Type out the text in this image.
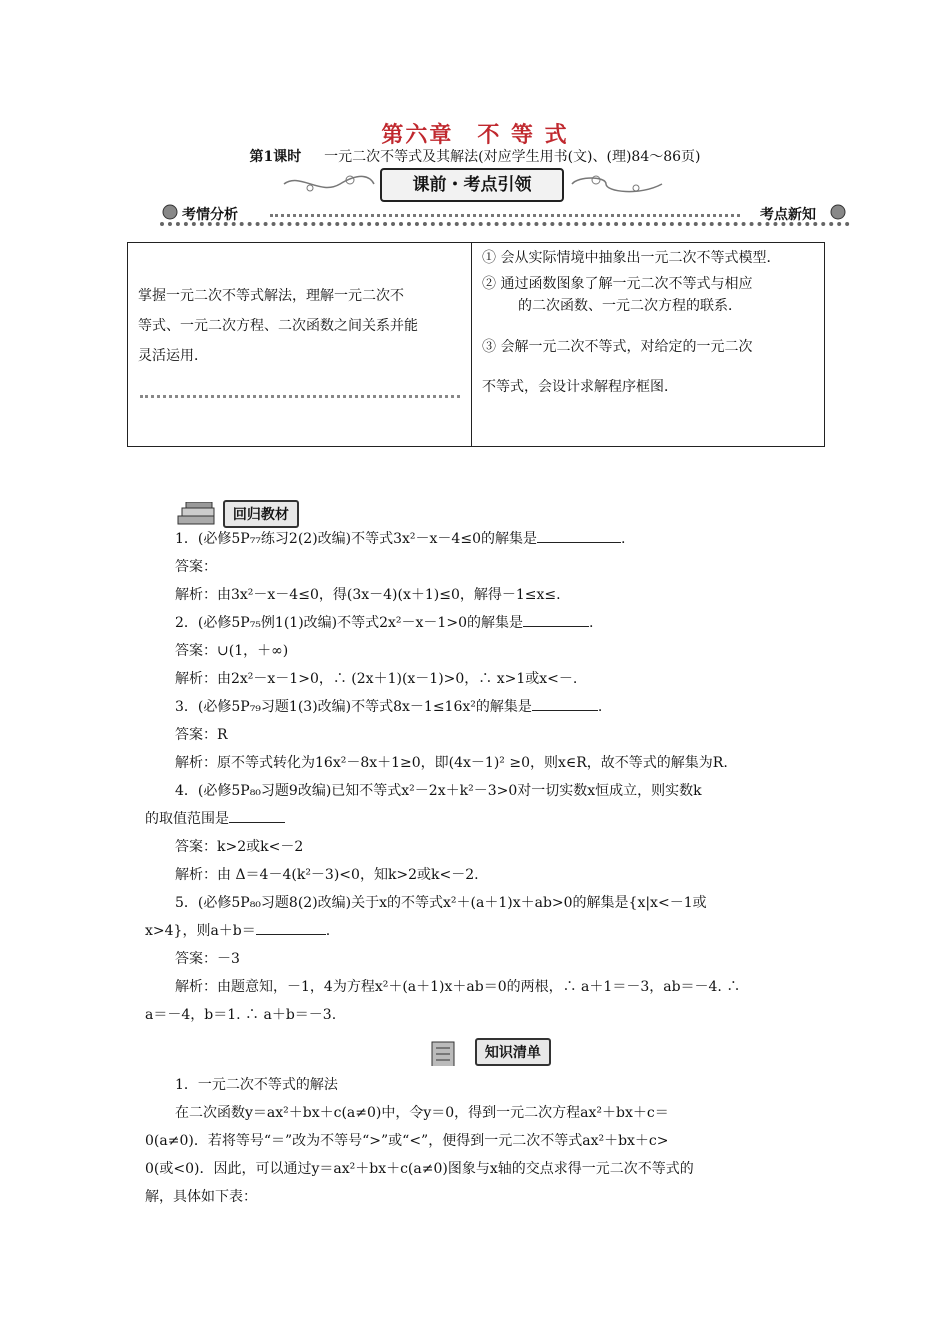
第六章　不 等 式
第1课时 　 一元二次不等式及其解法(对应学生用书(文)、(理)84～86页)
课前・考点引领
考情分析	考点新知
掌握一元二次不等式解法，理解一元二次不
等式、一元二次方程、二次函数之间关系并能
灵活运用．
① 会从实际情境中抽象出一元二次不等式模型．
② 通过函数图象了解一元二次不等式与相应
的二次函数、一元二次方程的联系．
③ 会解一元二次不等式，对给定的一元二次
不等式，会设计求解程序框图．
回归教材
1．(必修5P₇₇练习2(2)改编)不等式3x²－x－4≤0的解集是	.
答案：
解析：由3x²－x－4≤0，得(3x－4)(x＋1)≤0，解得－1≤x≤.
2．(必修5P₇₅例1(1)改编)不等式2x²－x－1>0的解集是	.
答案：∪(1，＋∞)
解析：由2x²－x－1>0，∴ (2x＋1)(x－1)>0，∴ x>1或x<－.
3．(必修5P₇₉习题1(3)改编)不等式8x－1≤16x²的解集是	.
答案：R
解析：原不等式转化为16x²－8x＋1≥0，即(4x－1)² ≥0，则x∈R，故不等式的解集为R.
4．(必修5P₈₀习题9改编)已知不等式x²－2x＋k²－3>0对一切实数x恒成立，则实数k
的取值范围是
答案：k>2或k<－2
解析：由 Δ＝4－4(k²－3)<0，知k>2或k<－2.
5．(必修5P₈₀习题8(2)改编)关于x的不等式x²＋(a＋1)x＋ab>0的解集是{x|x<－1或
x>4}，则a＋b＝	.
答案：－3
解析：由题意知，－1，4为方程x²＋(a＋1)x＋ab＝0的两根，∴ a＋1＝－3，ab＝－4. ∴
a＝－4，b＝1. ∴ a＋b＝－3.
知识清单
1．一元二次不等式的解法
在二次函数y＝ax²＋bx＋c(a≠0)中，令y＝0，得到一元二次方程ax²＋bx＋c＝
0(a≠0)．若将等号“＝”改为不等号“>”或“<”，便得到一元二次不等式ax²＋bx＋c>
0(或<0)．因此，可以通过y＝ax²＋bx＋c(a≠0)图象与x轴的交点求得一元二次不等式的
解，具体如下表：
